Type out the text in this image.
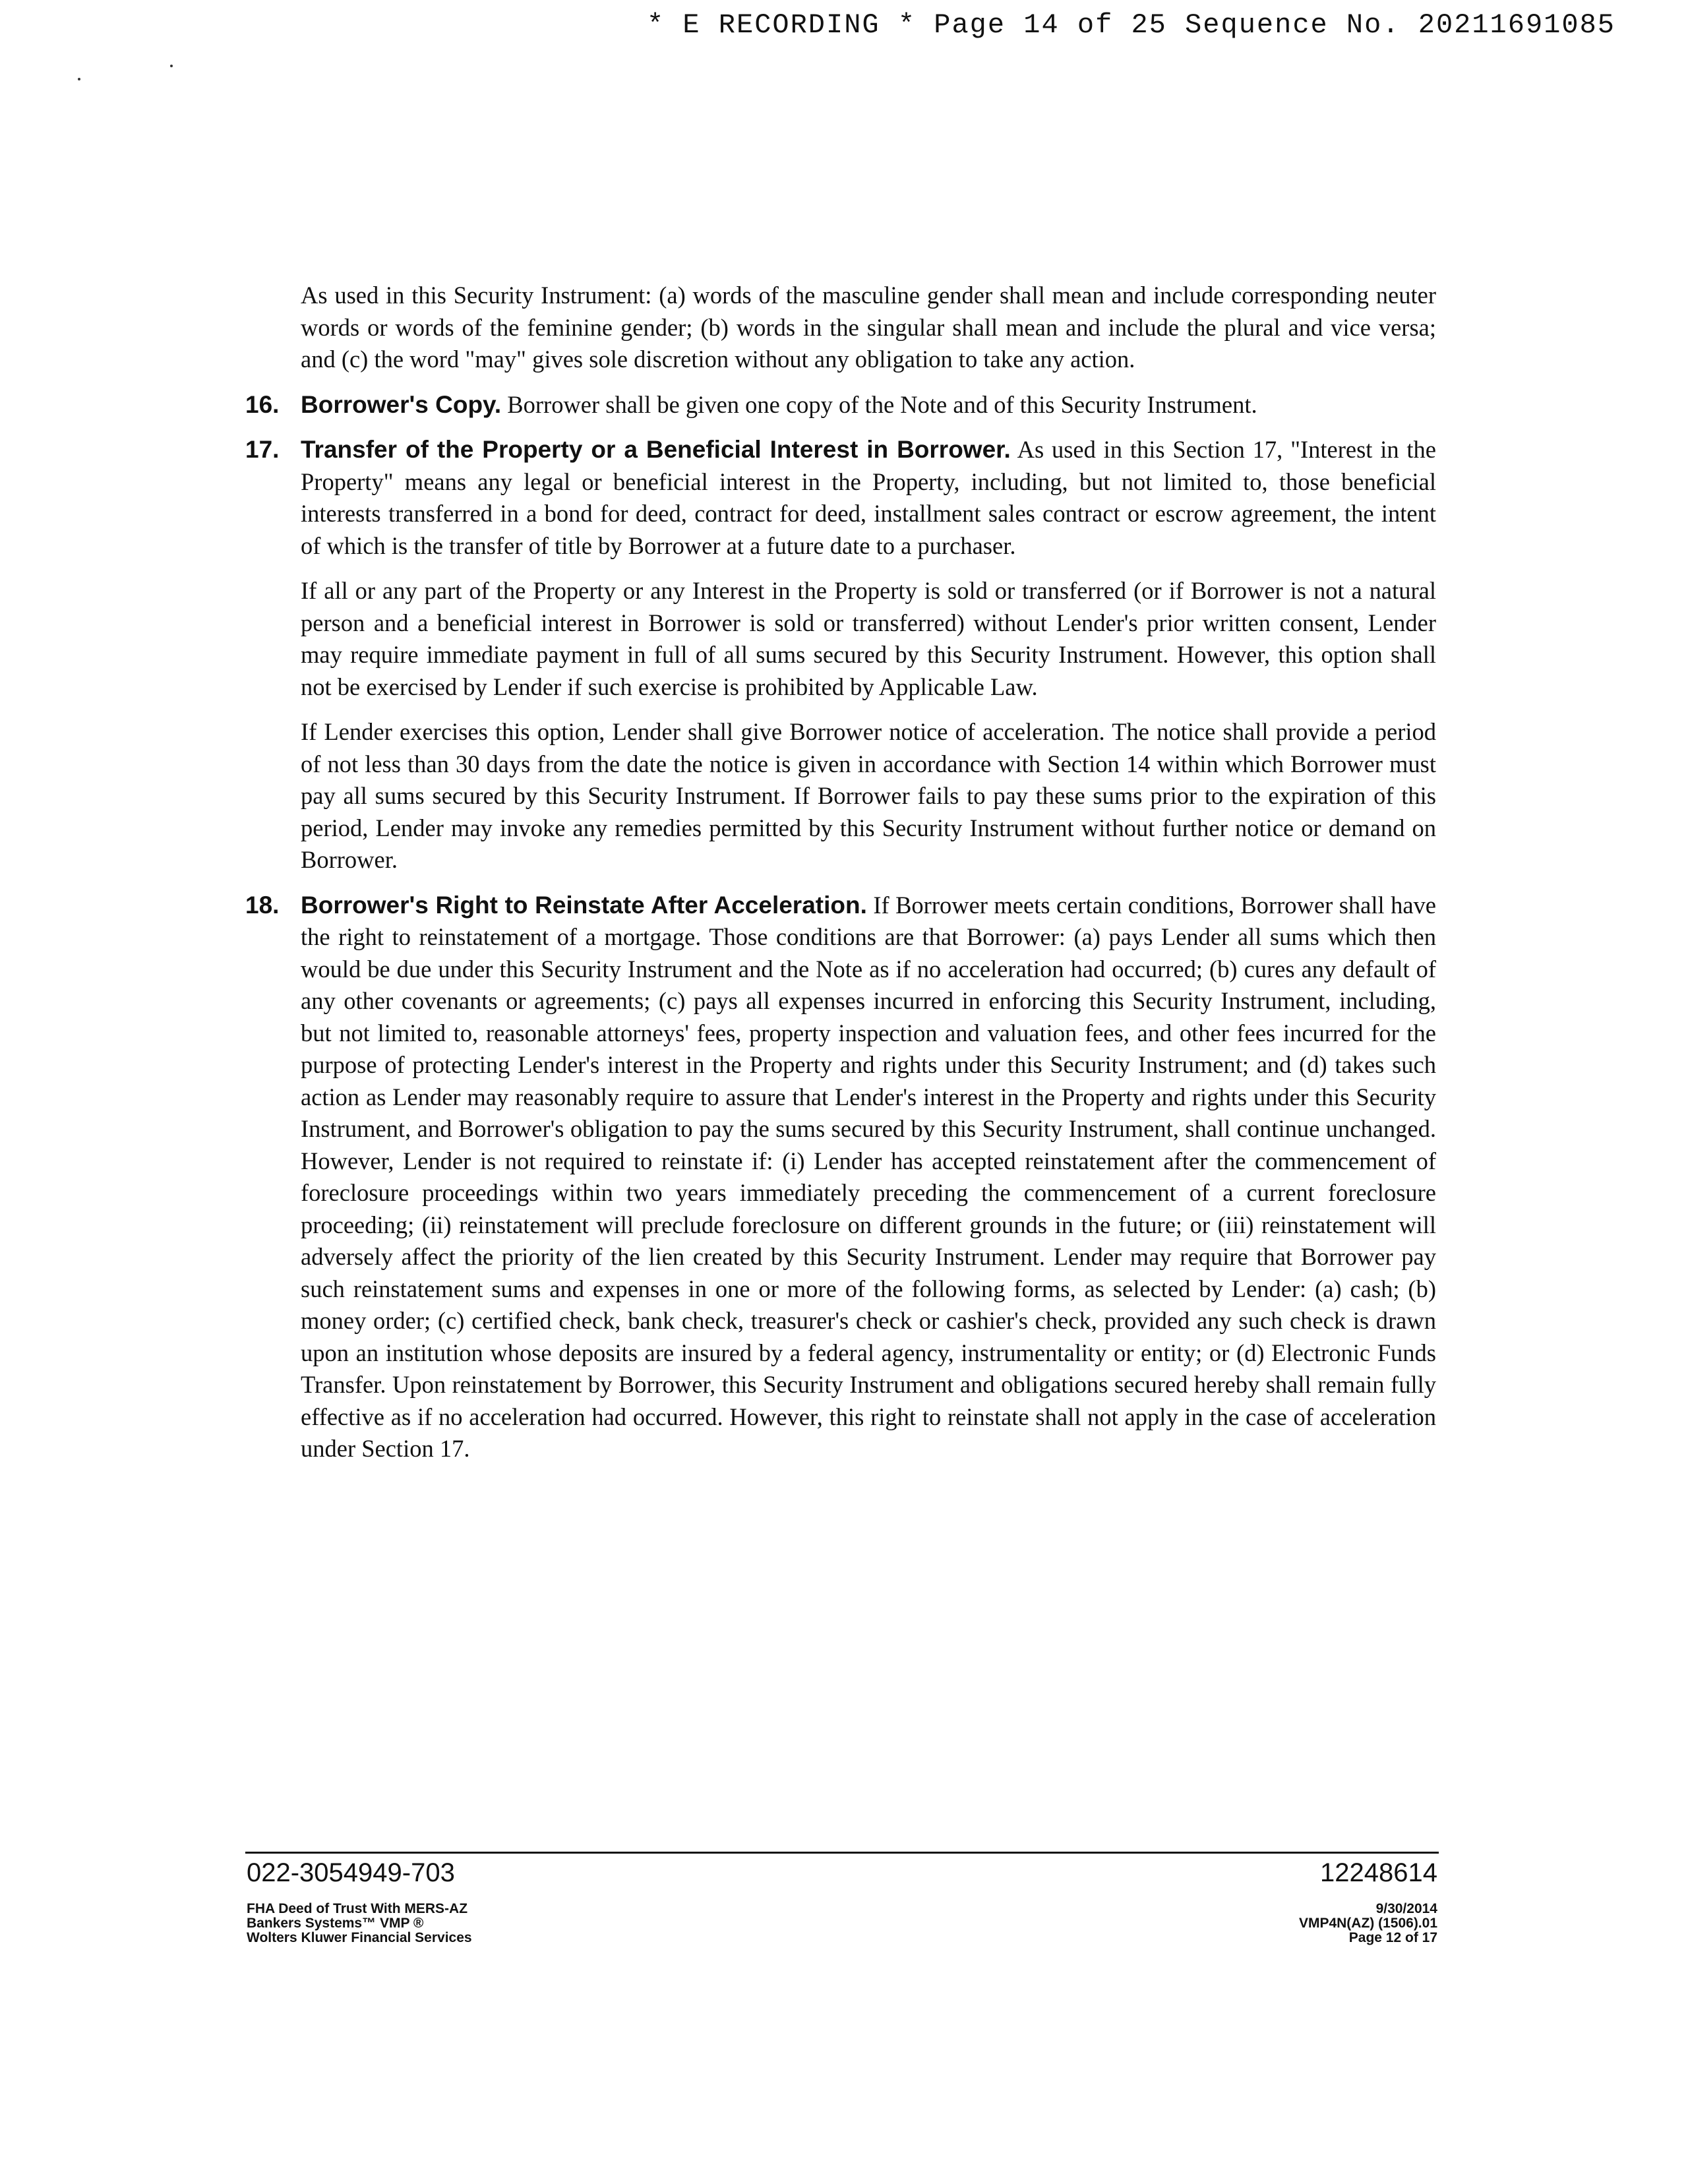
* E RECORDING * Page 14 of 25 Sequence No. 20211691085

As used in this Security Instrument: (a) words of the masculine gender shall mean and include corresponding neuter words or words of the feminine gender; (b) words in the singular shall mean and include the plural and vice versa; and (c) the word "may" gives sole discretion without any obligation to take any action.

16. Borrower's Copy. Borrower shall be given one copy of the Note and of this Security Instrument.
17. Transfer of the Property or a Beneficial Interest in Borrower. As used in this Section 17, "Interest in the Property" means any legal or beneficial interest in the Property, including, but not limited to, those beneficial interests transferred in a bond for deed, contract for deed, installment sales contract or escrow agreement, the intent of which is the transfer of title by Borrower at a future date to a purchaser.

If all or any part of the Property or any Interest in the Property is sold or transferred (or if Borrower is not a natural person and a beneficial interest in Borrower is sold or transferred) without Lender's prior written consent, Lender may require immediate payment in full of all sums secured by this Security Instrument. However, this option shall not be exercised by Lender if such exercise is prohibited by Applicable Law.

If Lender exercises this option, Lender shall give Borrower notice of acceleration. The notice shall provide a period of not less than 30 days from the date the notice is given in accordance with Section 14 within which Borrower must pay all sums secured by this Security Instrument. If Borrower fails to pay these sums prior to the expiration of this period, Lender may invoke any remedies permitted by this Security Instrument without further notice or demand on Borrower.

18. Borrower's Right to Reinstate After Acceleration. If Borrower meets certain conditions, Borrower shall have the right to reinstatement of a mortgage. Those conditions are that Borrower: (a) pays Lender all sums which then would be due under this Security Instrument and the Note as if no acceleration had occurred; (b) cures any default of any other covenants or agreements; (c) pays all expenses incurred in enforcing this Security Instrument, including, but not limited to, reasonable attorneys' fees, property inspection and valuation fees, and other fees incurred for the purpose of protecting Lender's interest in the Property and rights under this Security Instrument; and (d) takes such action as Lender may reasonably require to assure that Lender's interest in the Property and rights under this Security Instrument, and Borrower's obligation to pay the sums secured by this Security Instrument, shall continue unchanged. However, Lender is not required to reinstate if: (i) Lender has accepted reinstatement after the commencement of foreclosure proceedings within two years immediately preceding the commencement of a current foreclosure proceeding; (ii) reinstatement will preclude foreclosure on different grounds in the future; or (iii) reinstatement will adversely affect the priority of the lien created by this Security Instrument. Lender may require that Borrower pay such reinstatement sums and expenses in one or more of the following forms, as selected by Lender: (a) cash; (b) money order; (c) certified check, bank check, treasurer's check or cashier's check, provided any such check is drawn upon an institution whose deposits are insured by a federal agency, instrumentality or entity; or (d) Electronic Funds Transfer. Upon reinstatement by Borrower, this Security Instrument and obligations secured hereby shall remain fully effective as if no acceleration had occurred. However, this right to reinstate shall not apply in the case of acceleration under Section 17.
022-3054949-703	12248614
FHA Deed of Trust With MERS-AZ
Bankers Systems™ VMP ®
Wolters Kluwer Financial Services
9/30/2014
VMP4N(AZ) (1506).01
Page 12 of 17
